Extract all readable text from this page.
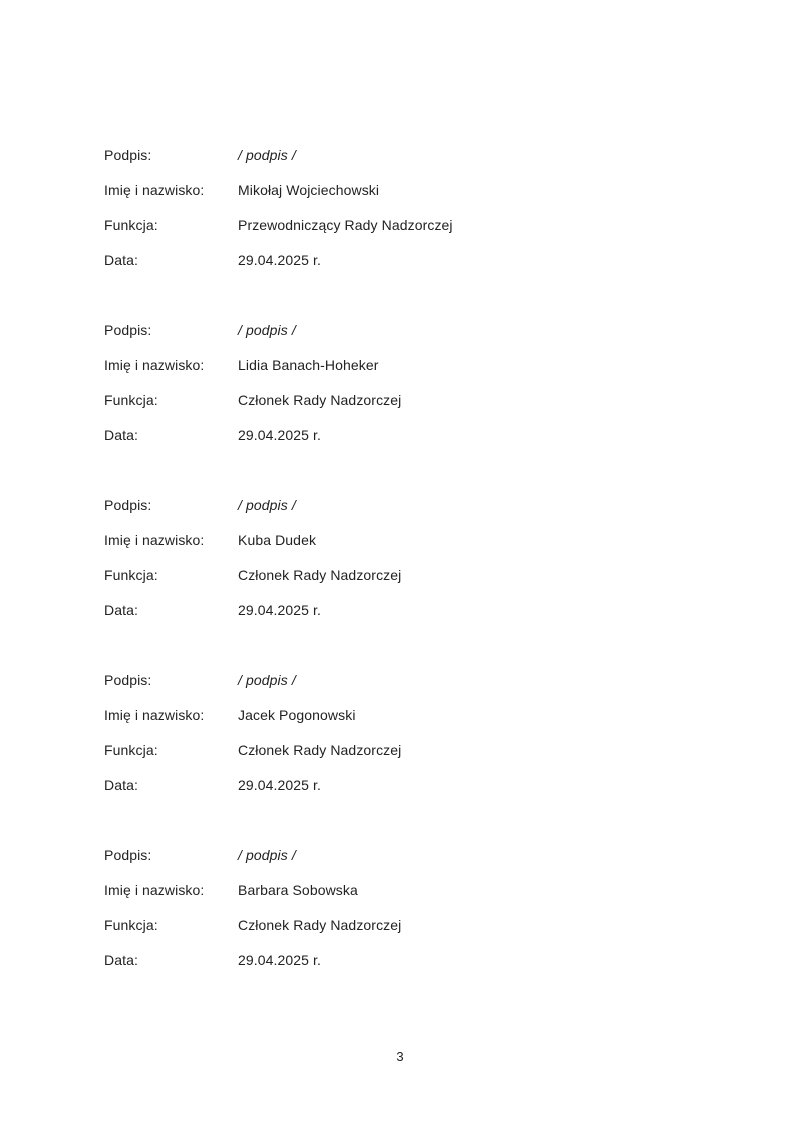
Podpis:	/ podpis /
Imię i nazwisko:	Mikołaj Wojciechowski
Funkcja:	Przewodniczący Rady Nadzorczej
Data:	29.04.2025 r.
Podpis:	/ podpis /
Imię i nazwisko:	Lidia Banach-Hoheker
Funkcja:	Członek Rady Nadzorczej
Data:	29.04.2025 r.
Podpis:	/ podpis /
Imię i nazwisko:	Kuba Dudek
Funkcja:	Członek Rady Nadzorczej
Data:	29.04.2025 r.
Podpis:	/ podpis /
Imię i nazwisko:	Jacek Pogonowski
Funkcja:	Członek Rady Nadzorczej
Data:	29.04.2025 r.
Podpis:	/ podpis /
Imię i nazwisko:	Barbara Sobowska
Funkcja:	Członek Rady Nadzorczej
Data:	29.04.2025 r.
3
